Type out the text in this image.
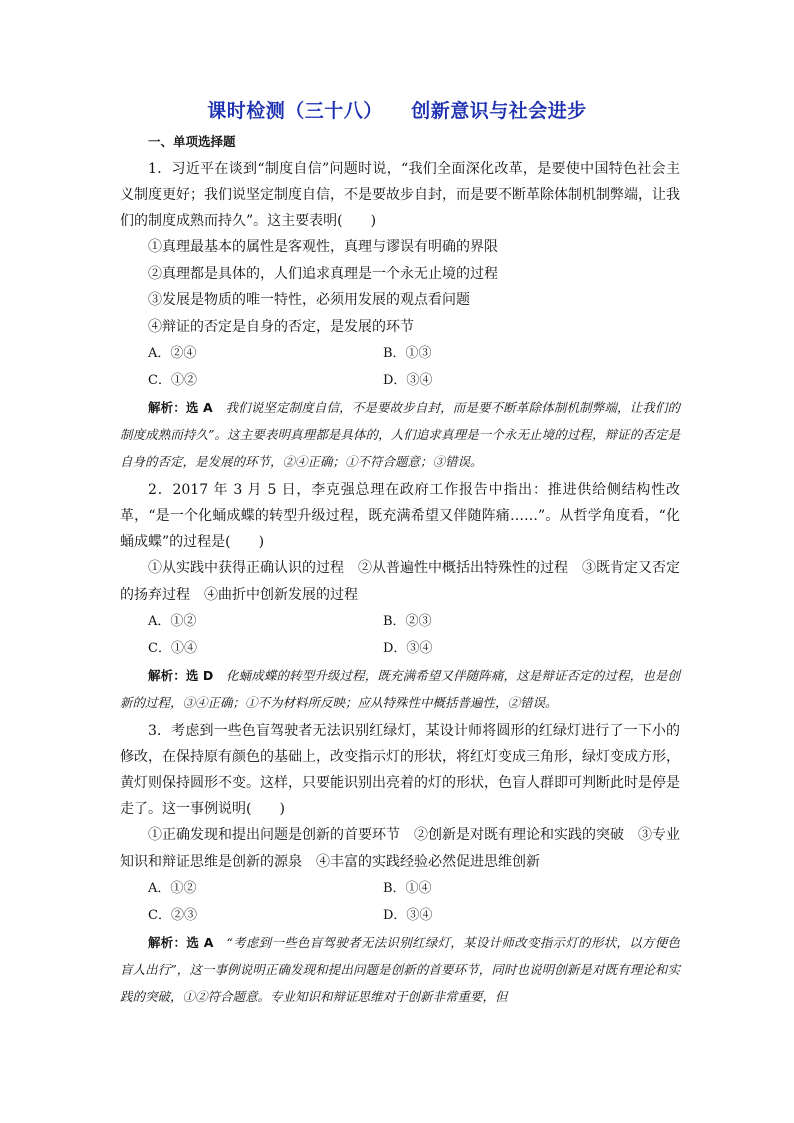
课时检测（三十八）    创新意识与社会进步
一、单项选择题

1．习近平在谈到“制度自信”问题时说，“我们全面深化改革，是要使中国特色社会主义制度更好；我们说坚定制度自信，不是要故步自封，而是要不断革除体制机制弊端，让我们的制度成熟而持久”。这主要表明(　　)

①真理最基本的属性是客观性，真理与谬误有明确的界限

②真理都是具体的，人们追求真理是一个永无止境的过程

③发展是物质的唯一特性，必须用发展的观点看问题

④辩证的否定是自身的否定，是发展的环节

A．②④	B．①③
C．①②	D．③④

解析：选 A　我们说坚定制度自信，不是要故步自封，而是要不断革除体制机制弊端，让我们的制度成熟而持久”。这主要表明真理都是具体的，人们追求真理是一个永无止境的过程，辩证的否定是自身的否定，是发展的环节，②④正确；①不符合题意；③错误。

2．2017 年 3 月 5 日，李克强总理在政府工作报告中指出：推进供给侧结构性改革，“是一个化蛹成蝶的转型升级过程，既充满希望又伴随阵痛……”。从哲学角度看，“化蛹成蝶”的过程是(　　)

①从实践中获得正确认识的过程　②从普遍性中概括出特殊性的过程　③既肯定又否定的扬弃过程　④曲折中创新发展的过程

A．①②	B．②③
C．①④	D．③④

解析：选 D　化蛹成蝶的转型升级过程，既充满希望又伴随阵痛，这是辩证否定的过程，也是创新的过程，③④正确；①不为材料所反映；应从特殊性中概括普遍性，②错误。

3．考虑到一些色盲驾驶者无法识别红绿灯，某设计师将圆形的红绿灯进行了一下小的修改，在保持原有颜色的基础上，改变指示灯的形状，将红灯变成三角形，绿灯变成方形，黄灯则保持圆形不变。这样，只要能识别出亮着的灯的形状，色盲人群即可判断此时是停是走了。这一事例说明(　　)

①正确发现和提出问题是创新的首要环节　②创新是对既有理论和实践的突破　③专业知识和辩证思维是创新的源泉　④丰富的实践经验必然促进思维创新

A．①②	B．①④
C．②③	D．③④

解析：选 A　“考虑到一些色盲驾驶者无法识别红绿灯，某设计师改变指示灯的形状，以方便色盲人出行”，这一事例说明正确发现和提出问题是创新的首要环节，同时也说明创新是对既有理论和实践的突破，①②符合题意。专业知识和辩证思维对于创新非常重要，但
